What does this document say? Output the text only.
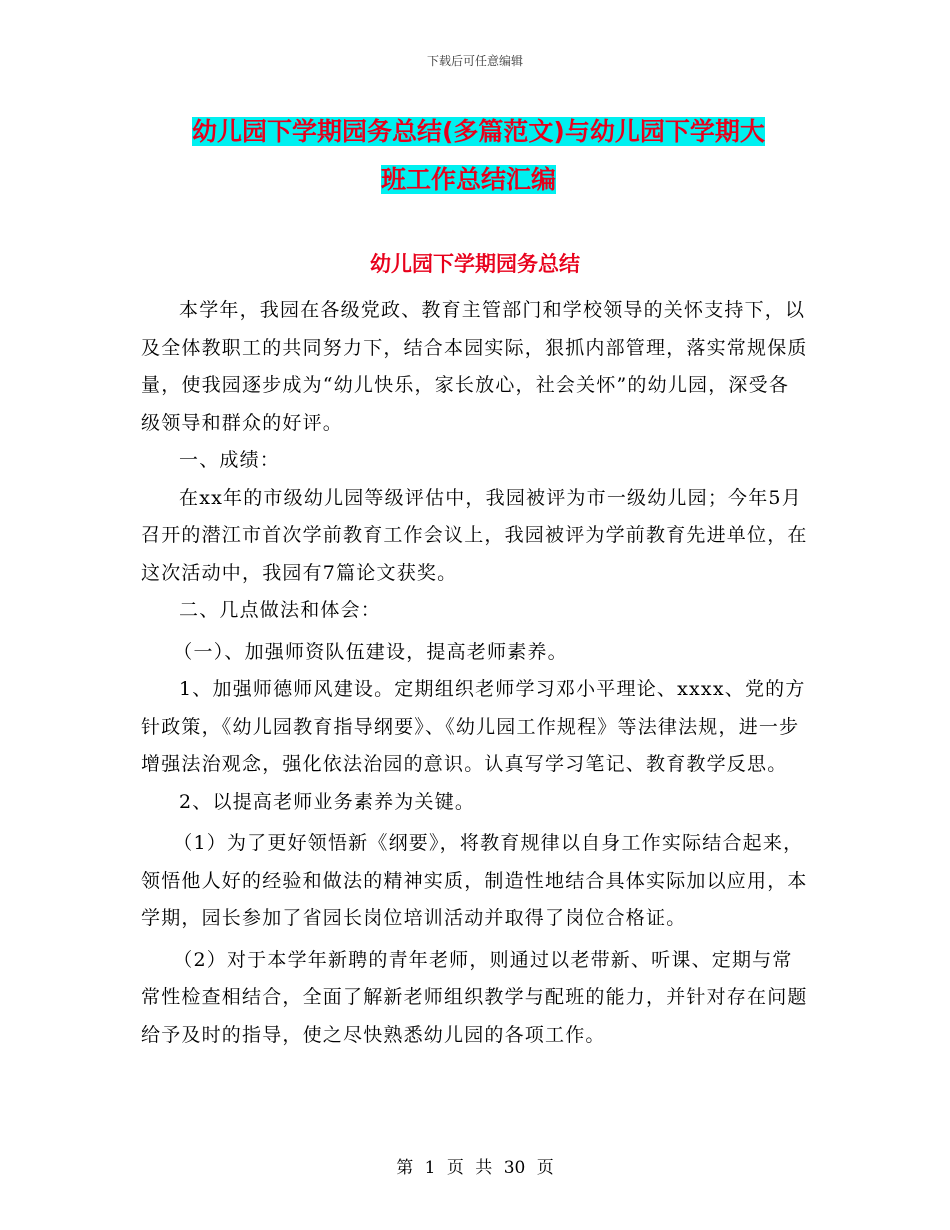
下载后可任意编辑
幼儿园下学期园务总结(多篇范文)与幼儿园下学期大
班工作总结汇编
幼儿园下学期园务总结

本学年，我园在各级党政、教育主管部门和学校领导的关怀支持下，以及全体教职工的共同努力下，结合本园实际，狠抓内部管理，落实常规保质量，使我园逐步成为“幼儿快乐，家长放心，社会关怀”的幼儿园，深受各级领导和群众的好评。

一、成绩：

在xx年的市级幼儿园等级评估中，我园被评为市一级幼儿园；今年5月召开的潜江市首次学前教育工作会议上，我园被评为学前教育先进单位，在这次活动中，我园有7篇论文获奖。

二、几点做法和体会：

（一）、加强师资队伍建设，提高老师素养。

1、加强师德师风建设。定期组织老师学习邓小平理论、xxxx、党的方针政策，《幼儿园教育指导纲要》、《幼儿园工作规程》等法律法规，进一步增强法治观念，强化依法治园的意识。认真写学习笔记、教育教学反思。

2、以提高老师业务素养为关键。

（1）为了更好领悟新《纲要》，将教育规律以自身工作实际结合起来，领悟他人好的经验和做法的精神实质，制造性地结合具体实际加以应用，本学期，园长参加了省园长岗位培训活动并取得了岗位合格证。

（2）对于本学年新聘的青年老师，则通过以老带新、听课、定期与常常性检查相结合，全面了解新老师组织教学与配班的能力，并针对存在问题给予及时的指导，使之尽快熟悉幼儿园的各项工作。

第 1 页 共 30 页
